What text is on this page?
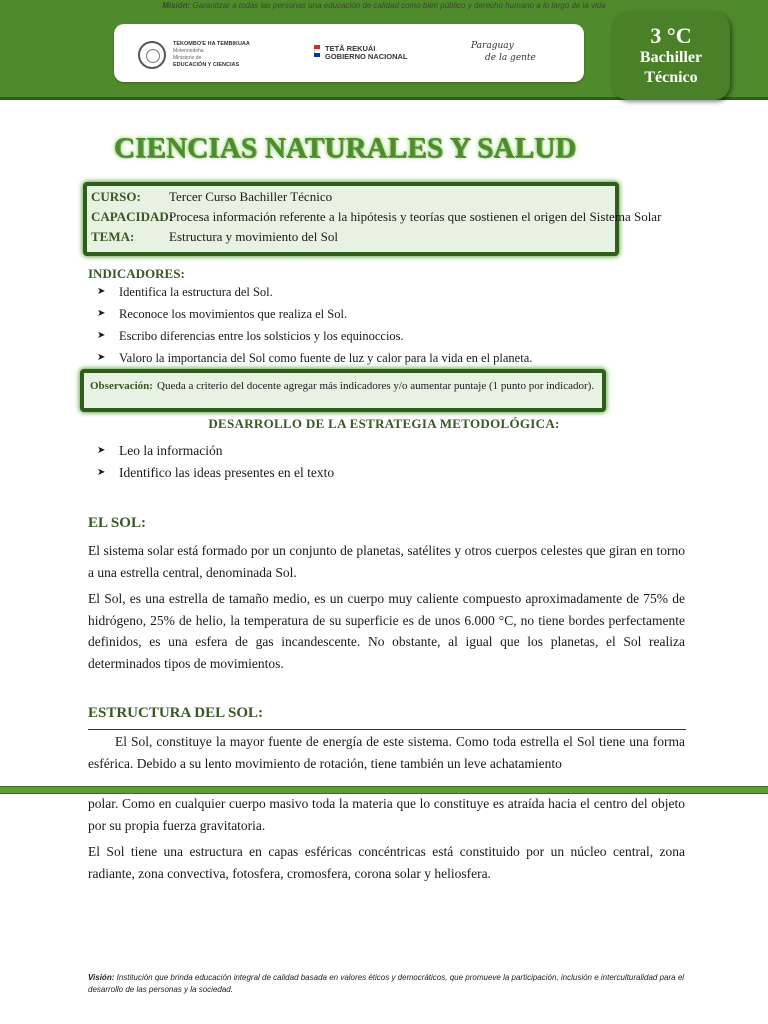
Misión: Garantizar a todas las personas una educación de calidad como bien público y derecho humano a lo largo de la vida
TEKOMBO'E HA TEMBIKUAA
Motenondeha
Ministerio de
EDUCACIÓN Y CIENCIAS
TETÃ REKUÁI
GOBIERNO NACIONAL
Paraguay
de la gente
3 °C
Bachiller
Técnico
CIENCIAS NATURALES Y SALUD
CURSO:	Tercer Curso Bachiller Técnico
CAPACIDAD:
Procesa información referente a la hipótesis y teorías que sostienen el origen del Sistema Solar
TEMA:	Estructura y movimiento del Sol
INDICADORES:
➤ Identifica la estructura del Sol.
➤ Reconoce los movimientos que realiza el Sol.
➤ Escribo diferencias entre los solsticios y los equinoccios.
➤ Valoro la importancia del Sol como fuente de luz y calor para la vida en el planeta.
Observación: Queda a criterio del docente agregar más indicadores y/o aumentar puntaje (1 punto por indicador).
DESARROLLO DE LA ESTRATEGIA METODOLÓGICA:
➤ Leo la información
➤ Identifico las ideas presentes en el texto
EL SOL:

El sistema solar está formado por un conjunto de planetas, satélites y otros cuerpos celestes que giran en torno a una estrella central, denominada Sol.

El Sol, es una estrella de tamaño medio, es un cuerpo muy caliente compuesto aproximadamente de 75% de hidrógeno, 25% de helio, la temperatura de su superficie es de unos 6.000 °C, no tiene bordes perfectamente definidos, es una esfera de gas incandescente. No obstante, al igual que los planetas, el Sol realiza determinados tipos de movimientos.

ESTRUCTURA DEL SOL:

El Sol, constituye la mayor fuente de energía de este sistema. Como toda estrella el Sol tiene una forma esférica. Debido a su lento movimiento de rotación, tiene también un leve achatamiento

polar. Como en cualquier cuerpo masivo toda la materia que lo constituye es atraída hacia el centro del objeto por su propia fuerza gravitatoria.

El Sol tiene una estructura en capas esféricas concéntricas está constituido por un núcleo central, zona radiante, zona convectiva, fotosfera, cromosfera, corona solar y heliosfera.

Visión: Institución que brinda educación integral de calidad basada en valores éticos y democráticos, que promueve la participación, inclusión e interculturalidad para el desarrollo de las personas y la sociedad.
